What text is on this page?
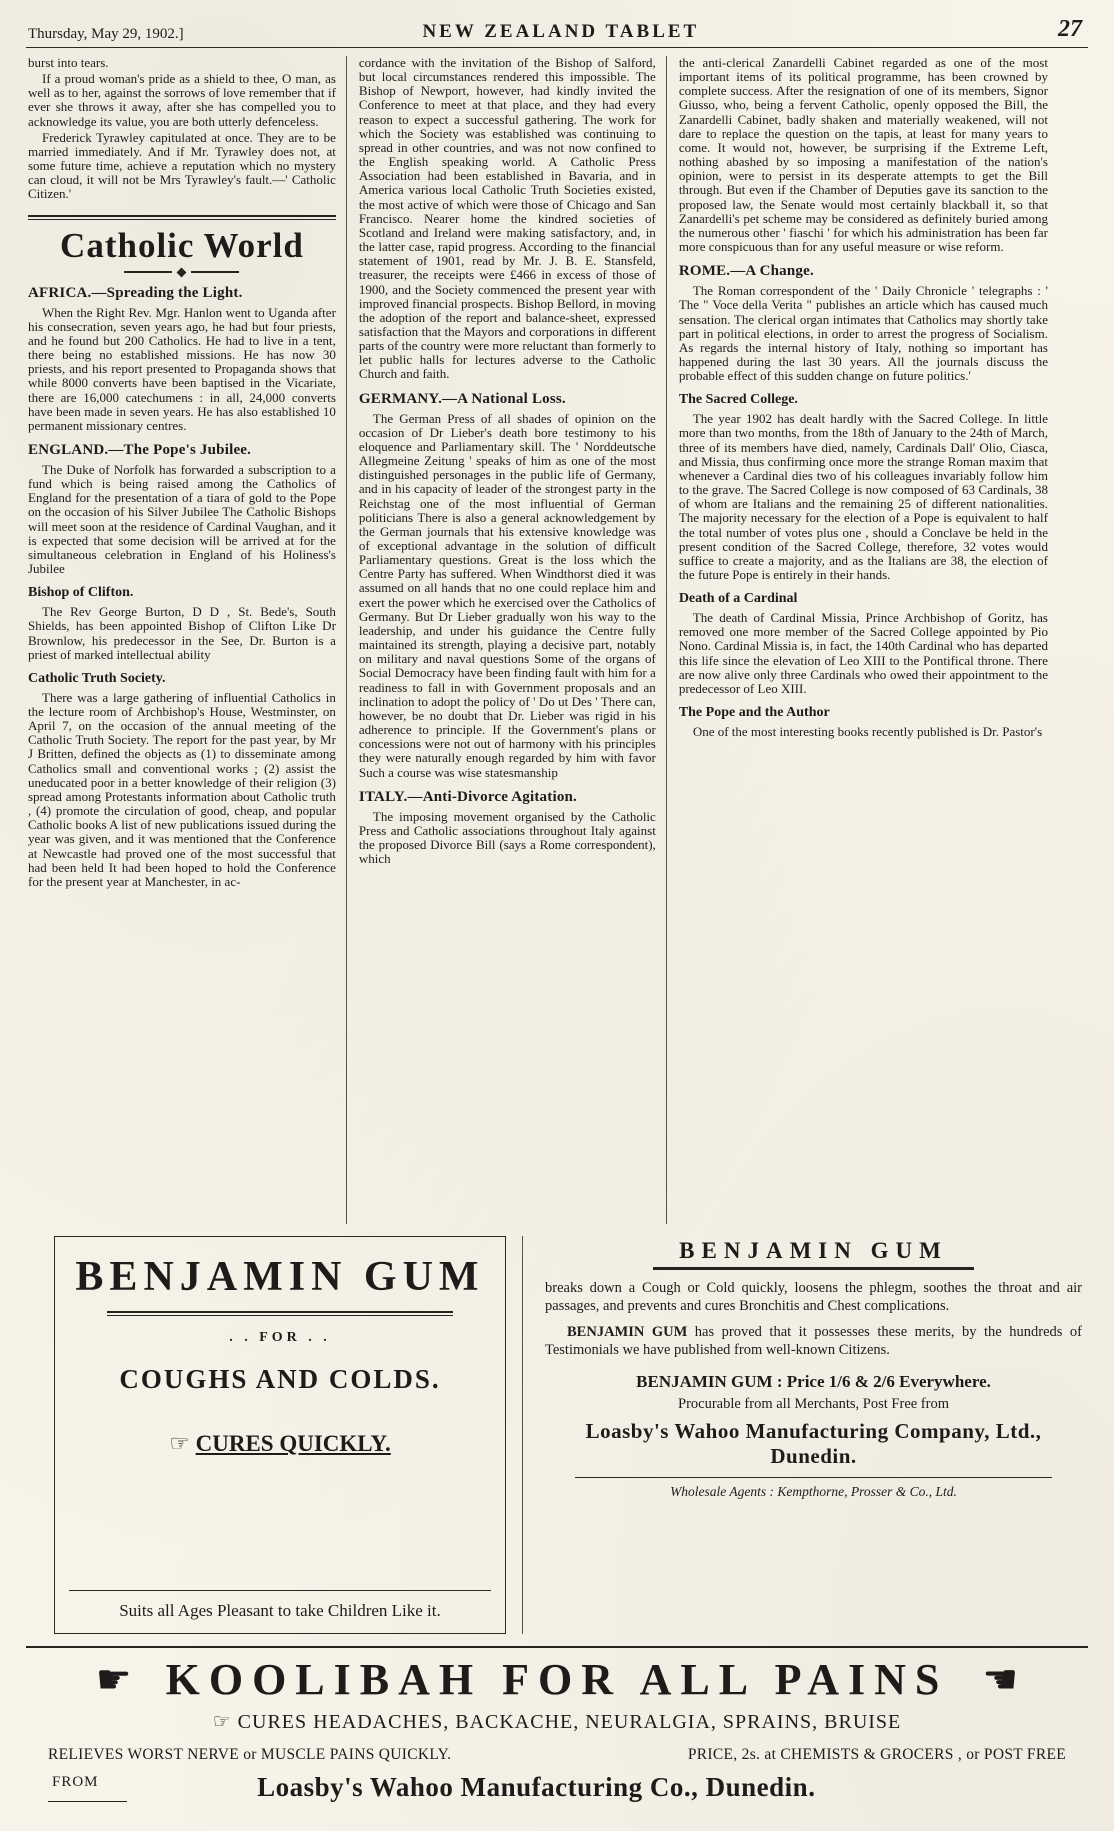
Thursday, May 29, 1902.]	NEW ZEALAND TABLET	27

burst into tears.

If a proud woman's pride as a shield to thee, O man, as well as to her, against the sorrows of love remember that if ever she throws it away, after she has compelled you to acknowledge its value, you are both utterly defenceless.

Frederick Tyrawley capitulated at once. They are to be married immediately. And if Mr. Tyrawley does not, at some future time, achieve a reputation which no mystery can cloud, it will not be Mrs Tyrawley's fault.—' Catholic Citizen.'

Catholic World
AFRICA.—Spreading the Light.

When the Right Rev. Mgr. Hanlon went to Uganda after his consecration, seven years ago, he had but four priests, and he found but 200 Catholics. He had to live in a tent, there being no established missions. He has now 30 priests, and his report presented to Propaganda shows that while 8000 converts have been baptised in the Vicariate, there are 16,000 catechumens : in all, 24,000 converts have been made in seven years. He has also established 10 permanent missionary centres.

ENGLAND.—The Pope's Jubilee.

The Duke of Norfolk has forwarded a subscription to a fund which is being raised among the Catholics of England for the presentation of a tiara of gold to the Pope on the occasion of his Silver Jubilee The Catholic Bishops will meet soon at the residence of Cardinal Vaughan, and it is expected that some decision will be arrived at for the simultaneous celebration in England of his Holiness's Jubilee

Bishop of Clifton.

The Rev George Burton, D D , St. Bede's, South Shields, has been appointed Bishop of Clifton Like Dr Brownlow, his predecessor in the See, Dr. Burton is a priest of marked intellectual ability

Catholic Truth Society.

There was a large gathering of influential Catholics in the lecture room of Archbishop's House, Westminster, on April 7, on the occasion of the annual meeting of the Catholic Truth Society. The report for the past year, by Mr J Britten, defined the objects as (1) to disseminate among Catholics small and conventional works ; (2) assist the uneducated poor in a better knowledge of their religion (3) spread among Protestants information about Catholic truth , (4) promote the circulation of good, cheap, and popular Catholic books A list of new publications issued during the year was given, and it was mentioned that the Conference at Newcastle had proved one of the most successful that had been held It had been hoped to hold the Conference for the present year at Manchester, in ac-

cordance with the invitation of the Bishop of Salford, but local circumstances rendered this impossible. The Bishop of Newport, however, had kindly invited the Conference to meet at that place, and they had every reason to expect a successful gathering. The work for which the Society was established was continuing to spread in other countries, and was not now confined to the English speaking world. A Catholic Press Association had been established in Bavaria, and in America various local Catholic Truth Societies existed, the most active of which were those of Chicago and San Francisco. Nearer home the kindred societies of Scotland and Ireland were making satisfactory, and, in the latter case, rapid progress. According to the financial statement of 1901, read by Mr. J. B. E. Stansfeld, treasurer, the receipts were £466 in excess of those of 1900, and the Society commenced the present year with improved financial prospects. Bishop Bellord, in moving the adoption of the report and balance-sheet, expressed satisfaction that the Mayors and corporations in different parts of the country were more reluctant than formerly to let public halls for lectures adverse to the Catholic Church and faith.

GERMANY.—A National Loss.

The German Press of all shades of opinion on the occasion of Dr Lieber's death bore testimony to his eloquence and Parliamentary skill. The ' Norddeutsche Allegmeine Zeitung ' speaks of him as one of the most distinguished personages in the public life of Germany, and in his capacity of leader of the strongest party in the Reichstag one of the most influential of German politicians There is also a general acknowledgement by the German journals that his extensive knowledge was of exceptional advantage in the solution of difficult Parliamentary questions. Great is the loss which the Centre Party has suffered. When Windthorst died it was assumed on all hands that no one could replace him and exert the power which he exercised over the Catholics of Germany. But Dr Lieber gradually won his way to the leadership, and under his guidance the Centre fully maintained its strength, playing a decisive part, notably on military and naval questions Some of the organs of Social Democracy have been finding fault with him for a readiness to fall in with Government proposals and an inclination to adopt the policy of ' Do ut Des ' There can, however, be no doubt that Dr. Lieber was rigid in his adherence to principle. If the Government's plans or concessions were not out of harmony with his principles they were naturally enough regarded by him with favor Such a course was wise statesmanship

ITALY.—Anti-Divorce Agitation.

The imposing movement organised by the Catholic Press and Catholic associations throughout Italy against the proposed Divorce Bill (says a Rome correspondent), which

the anti-clerical Zanardelli Cabinet regarded as one of the most important items of its political programme, has been crowned by complete success. After the resignation of one of its members, Signor Giusso, who, being a fervent Catholic, openly opposed the Bill, the Zanardelli Cabinet, badly shaken and materially weakened, will not dare to replace the question on the tapis, at least for many years to come. It would not, however, be surprising if the Extreme Left, nothing abashed by so imposing a manifestation of the nation's opinion, were to persist in its desperate attempts to get the Bill through. But even if the Chamber of Deputies gave its sanction to the proposed law, the Senate would most certainly blackball it, so that Zanardelli's pet scheme may be considered as definitely buried among the numerous other ' fiaschi ' for which his administration has been far more conspicuous than for any useful measure or wise reform.

ROME.—A Change.

The Roman correspondent of the ' Daily Chronicle ' telegraphs : ' The " Voce della Verita " publishes an article which has caused much sensation. The clerical organ intimates that Catholics may shortly take part in political elections, in order to arrest the progress of Socialism. As regards the internal history of Italy, nothing so important has happened during the last 30 years. All the journals discuss the probable effect of this sudden change on future politics.'

The Sacred College.

The year 1902 has dealt hardly with the Sacred College. In little more than two months, from the 18th of January to the 24th of March, three of its members have died, namely, Cardinals Dall' Olio, Ciasca, and Missia, thus confirming once more the strange Roman maxim that whenever a Cardinal dies two of his colleagues invariably follow him to the grave. The Sacred College is now composed of 63 Cardinals, 38 of whom are Italians and the remaining 25 of different nationalities. The majority necessary for the election of a Pope is equivalent to half the total number of votes plus one , should a Conclave be held in the present condition of the Sacred College, therefore, 32 votes would suffice to create a majority, and as the Italians are 38, the election of the future Pope is entirely in their hands.

Death of a Cardinal

The death of Cardinal Missia, Prince Archbishop of Goritz, has removed one more member of the Sacred College appointed by Pio Nono. Cardinal Missia is, in fact, the 140th Cardinal who has departed this life since the elevation of Leo XIII to the Pontifical throne. There are now alive only three Cardinals who owed their appointment to the predecessor of Leo XIII.

The Pope and the Author

One of the most interesting books recently published is Dr. Pastor's

BENJAMIN GUM
. . FOR . .
COUGHS AND COLDS.
☞ CURES QUICKLY.
Suits all Ages Pleasant to take Children Like it.
BENJAMIN GUM

breaks down a Cough or Cold quickly, loosens the phlegm, soothes the throat and air passages, and prevents and cures Bronchitis and Chest complications.

BENJAMIN GUM has proved that it possesses these merits, by the hundreds of Testimonials we have published from well-known Citizens.

BENJAMIN GUM : Price 1/6 & 2/6 Everywhere.
Procurable from all Merchants, Post Free from
Loasby's Wahoo Manufacturing Company, Ltd., Dunedin.
Wholesale Agents : Kempthorne, Prosser & Co., Ltd.
☛ KOOLIBAH FOR ALL PAINS ☚
☞ CURES HEADACHES, BACKACHE, NEURALGIA, SPRAINS, BRUISE
RELIEVES WORST NERVE or MUSCLE PAINS QUICKLY.	PRICE, 2s. at CHEMISTS & GROCERS , or POST FREE
FROM	Loasby's Wahoo Manufacturing Co., Dunedin.
